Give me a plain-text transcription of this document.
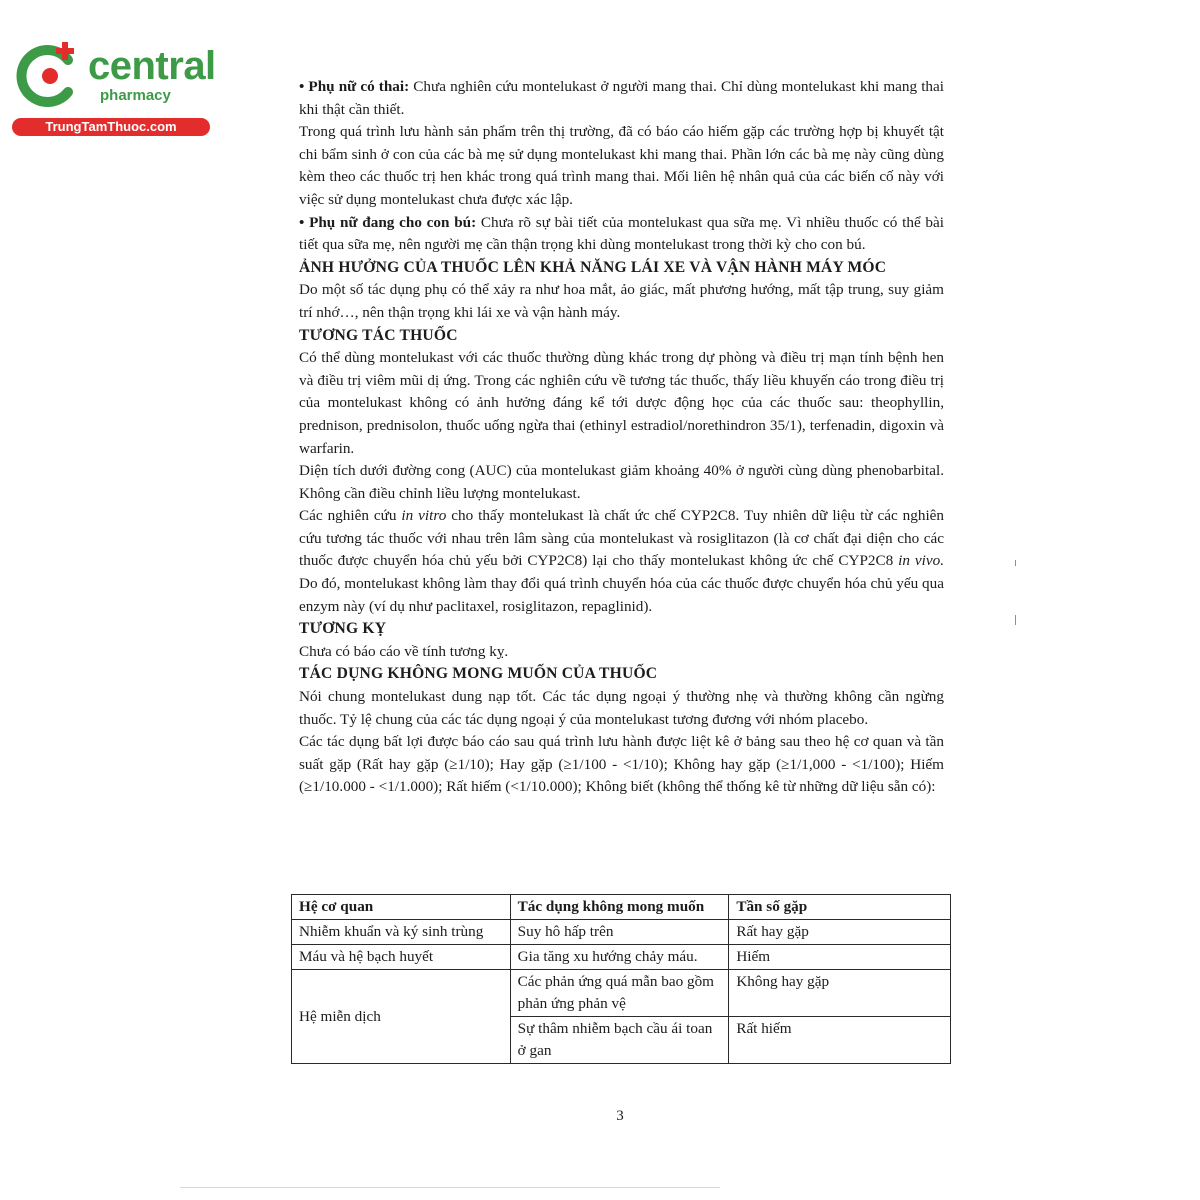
central
pharmacy
TrungTamThuoc.com

• Phụ nữ có thai: Chưa nghiên cứu montelukast ở người mang thai. Chỉ dùng montelukast khi mang thai khi thật cần thiết.

Trong quá trình lưu hành sản phẩm trên thị trường, đã có báo cáo hiếm gặp các trường hợp bị khuyết tật chi bẩm sinh ở con của các bà mẹ sử dụng montelukast khi mang thai. Phần lớn các bà mẹ này cũng dùng kèm theo các thuốc trị hen khác trong quá trình mang thai. Mối liên hệ nhân quả của các biến cố này với việc sử dụng montelukast chưa được xác lập.

• Phụ nữ đang cho con bú: Chưa rõ sự bài tiết của montelukast qua sữa mẹ. Vì nhiều thuốc có thể bài tiết qua sữa mẹ, nên người mẹ cần thận trọng khi dùng montelukast trong thời kỳ cho con bú.

ẢNH HƯỞNG CỦA THUỐC LÊN KHẢ NĂNG LÁI XE VÀ VẬN HÀNH MÁY MÓC

Do một số tác dụng phụ có thể xảy ra như hoa mắt, ảo giác, mất phương hướng, mất tập trung, suy giảm trí nhớ…, nên thận trọng khi lái xe và vận hành máy.

TƯƠNG TÁC THUỐC

Có thể dùng montelukast với các thuốc thường dùng khác trong dự phòng và điều trị mạn tính bệnh hen và điều trị viêm mũi dị ứng. Trong các nghiên cứu về tương tác thuốc, thấy liều khuyến cáo trong điều trị của montelukast không có ảnh hưởng đáng kể tới dược động học của các thuốc sau: theophyllin, prednison, prednisolon, thuốc uống ngừa thai (ethinyl estradiol/norethindron 35/1), terfenadin, digoxin và warfarin.

Diện tích dưới đường cong (AUC) của montelukast giảm khoảng 40% ở người cùng dùng phenobarbital. Không cần điều chỉnh liều lượng montelukast.

Các nghiên cứu in vitro cho thấy montelukast là chất ức chế CYP2C8. Tuy nhiên dữ liệu từ các nghiên cứu tương tác thuốc với nhau trên lâm sàng của montelukast và rosiglitazon (là cơ chất đại diện cho các thuốc được chuyển hóa chủ yếu bởi CYP2C8) lại cho thấy montelukast không ức chế CYP2C8 in vivo. Do đó, montelukast không làm thay đổi quá trình chuyển hóa của các thuốc được chuyển hóa chủ yếu qua enzym này (ví dụ như paclitaxel, rosiglitazon, repaglinid).

TƯƠNG KỴ

Chưa có báo cáo về tính tương kỵ.

TÁC DỤNG KHÔNG MONG MUỐN CỦA THUỐC

Nói chung montelukast dung nạp tốt. Các tác dụng ngoại ý thường nhẹ và thường không cần ngừng thuốc. Tỷ lệ chung của các tác dụng ngoại ý của montelukast tương đương với nhóm placebo.

Các tác dụng bất lợi được báo cáo sau quá trình lưu hành được liệt kê ở bảng sau theo hệ cơ quan và tần suất gặp (Rất hay gặp (≥1/10); Hay gặp (≥1/100 - <1/10); Không hay gặp (≥1/1,000 - <1/100); Hiếm (≥1/10.000 - <1/1.000); Rất hiếm (<1/10.000); Không biết (không thể thống kê từ những dữ liệu sẵn có):

Hệ cơ quan	Tác dụng không mong muốn	Tần số gặp
Nhiễm khuẩn và ký sinh trùng	Suy hô hấp trên	Rất hay gặp
Máu và hệ bạch huyết	Gia tăng xu hướng chảy máu.	Hiếm
Hệ miễn dịch	Các phản ứng quá mẫn bao gồm phản ứng phản vệ	Không hay gặp
	Sự thâm nhiễm bạch cầu ái toan ở gan	Rất hiếm
3
